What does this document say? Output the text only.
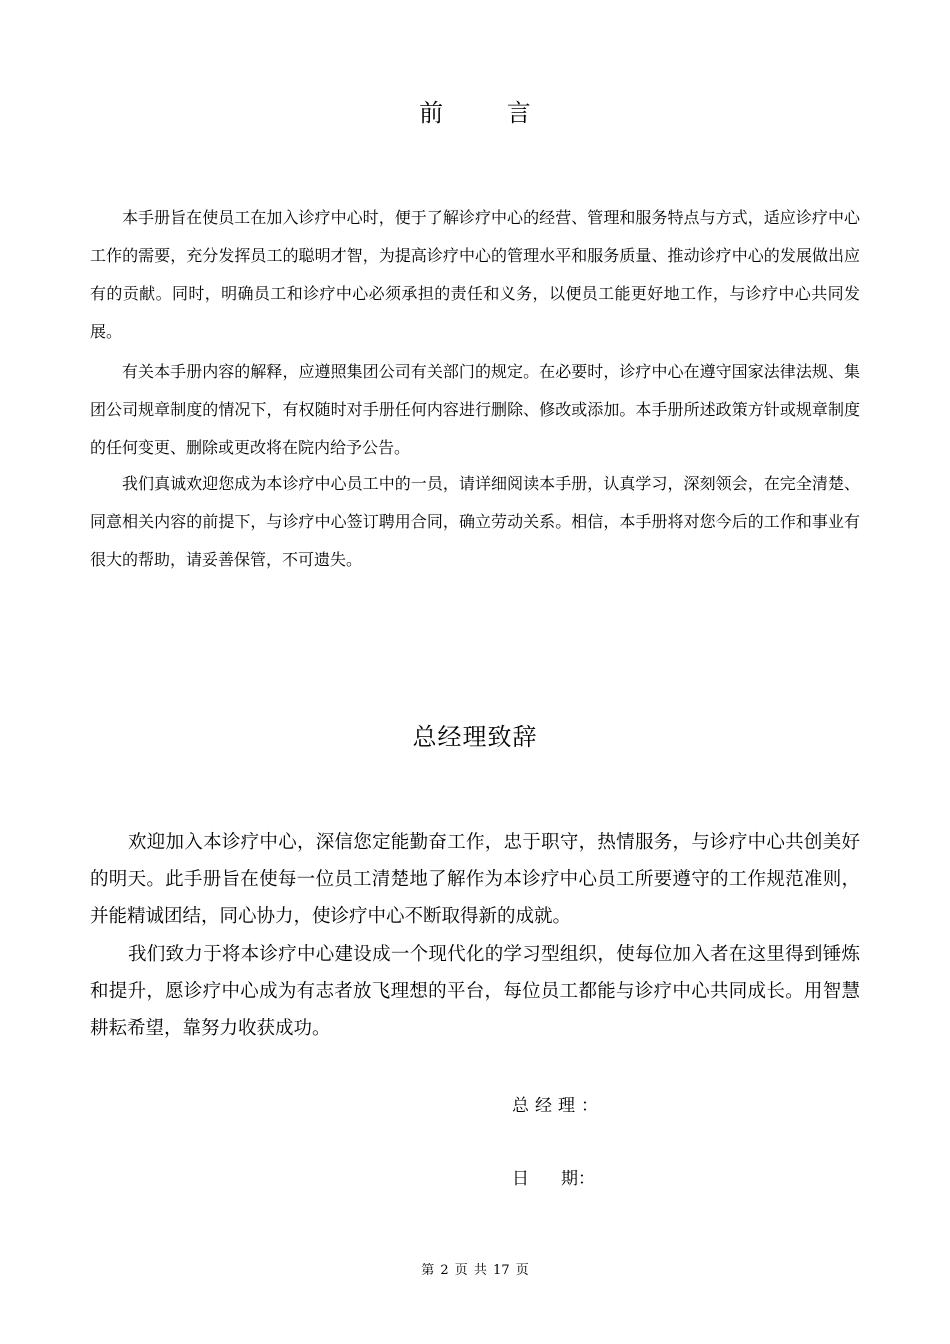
前 言

本手册旨在使员工在加入诊疗中心时，便于了解诊疗中心的经营、管理和服务特点与方式，适应诊疗中心工作的需要，充分发挥员工的聪明才智，为提高诊疗中心的管理水平和服务质量、推动诊疗中心的发展做出应有的贡献。同时，明确员工和诊疗中心必须承担的责任和义务，以便员工能更好地工作，与诊疗中心共同发展。

有关本手册内容的解释，应遵照集团公司有关部门的规定。在必要时，诊疗中心在遵守国家法律法规、集团公司规章制度的情况下，有权随时对手册任何内容进行删除、修改或添加。本手册所述政策方针或规章制度的任何变更、删除或更改将在院内给予公告。

我们真诚欢迎您成为本诊疗中心员工中的一员，请详细阅读本手册，认真学习，深刻领会，在完全清楚、同意相关内容的前提下，与诊疗中心签订聘用合同，确立劳动关系。相信，本手册将对您今后的工作和事业有很大的帮助，请妥善保管，不可遗失。

总经理致辞

欢迎加入本诊疗中心，深信您定能勤奋工作，忠于职守，热情服务，与诊疗中心共创美好的明天。此手册旨在使每一位员工清楚地了解作为本诊疗中心员工所要遵守的工作规范准则，并能精诚团结，同心协力，使诊疗中心不断取得新的成就。

我们致力于将本诊疗中心建设成一个现代化的学习型组织，使每位加入者在这里得到锤炼和提升，愿诊疗中心成为有志者放飞理想的平台，每位员工都能与诊疗中心共同成长。用智慧耕耘希望，靠努力收获成功。

总经理：
日 期：
第 2 页 共 17 页
